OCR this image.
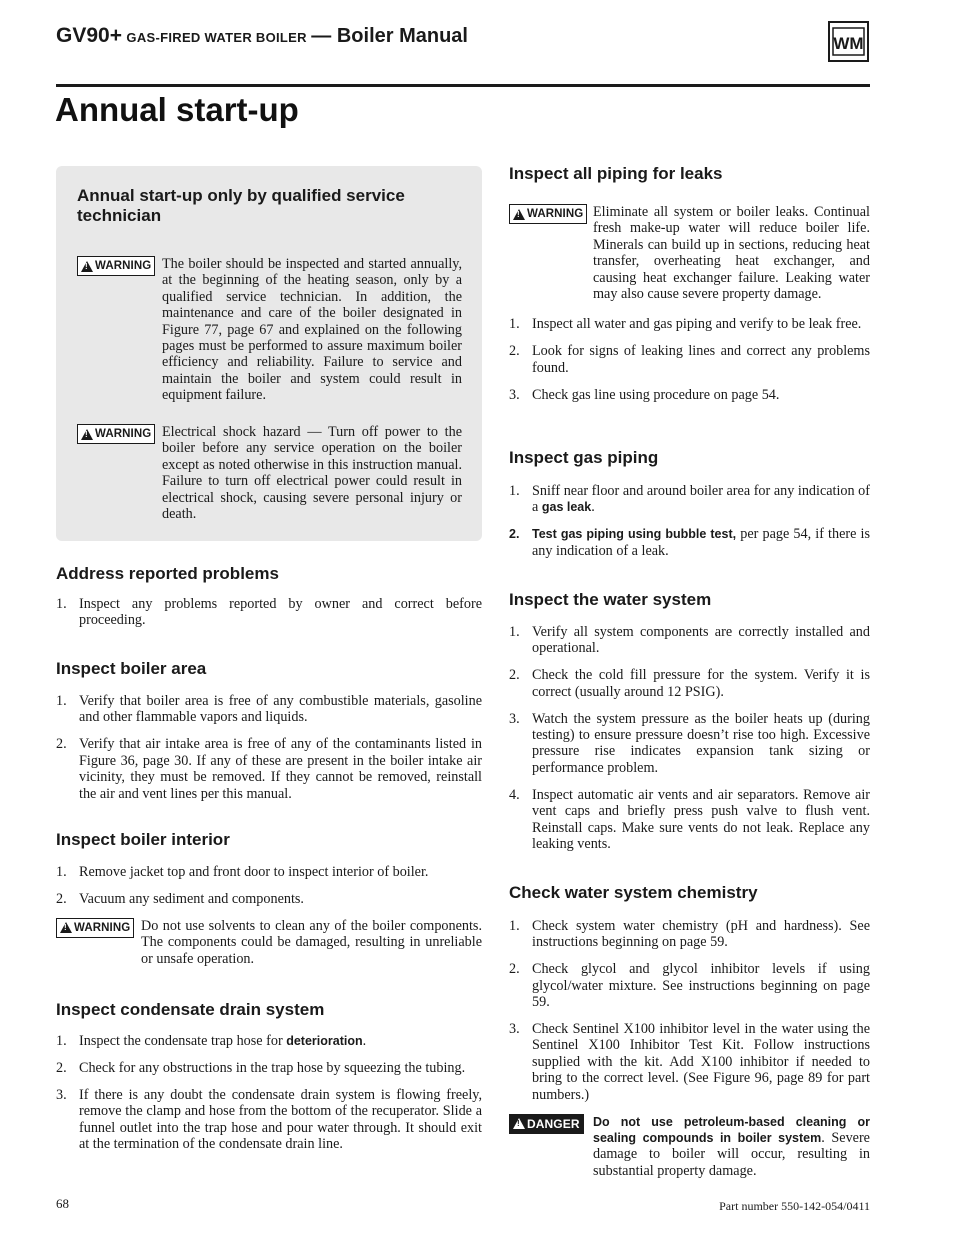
GV90+ GAS-FIRED WATER BOILER — Boiler Manual	WM
Annual start-up
Annual start-up only by qualified service technician
!
WARNING The boiler should be inspected and started annually, at the beginning of the heating season, only by a qualified service technician. In addition, the maintenance and care of the boiler designated in Figure 77, page 67 and explained on the following pages must be performed to assure maximum boiler efficiency and reliability. Failure to service and maintain the boiler and system could result in equipment failure.

!
WARNING Electrical shock hazard — Turn off power to the boiler before any service operation on the boiler except as noted otherwise in this instruction manual. Failure to turn off electrical power could result in electrical shock, causing severe personal injury or death.

Address reported problems
1. Inspect any problems reported by owner and correct before proceeding.
Inspect boiler area
1. Verify that boiler area is free of any combustible materials, gasoline and other flammable vapors and liquids.
2. Verify that air intake area is free of any of the contaminants listed in Figure 36, page 30. If any of these are present in the boiler intake air vicinity, they must be removed. If they cannot be removed, reinstall the air and vent lines per this manual.
Inspect boiler interior
1. Remove jacket top and front door to inspect interior of boiler.
2. Vacuum any sediment and components.
!
WARNING Do not use solvents to clean any of the boiler components. The components could be damaged, resulting in unreliable or unsafe operation.

Inspect condensate drain system
1. Inspect the condensate trap hose for deterioration.
2. Check for any obstructions in the trap hose by squeezing the tubing.
3. If there is any doubt the condensate drain system is flowing freely, remove the clamp and hose from the bottom of the recuperator. Slide a funnel outlet into the trap hose and pour water through. It should exit at the termination of the condensate drain line.
Inspect all piping for leaks
!
WARNING Eliminate all system or boiler leaks. Continual fresh make-up water will reduce boiler life. Minerals can build up in sections, reducing heat transfer, overheating heat exchanger, and causing heat exchanger failure. Leaking water may also cause severe property damage.

1. Inspect all water and gas piping and verify to be leak free.
2. Look for signs of leaking lines and correct any problems found.
3. Check gas line using procedure on page 54.
Inspect gas piping
1. Sniff near floor and around boiler area for any indication of a gas leak.
2. Test gas piping using bubble test, per page 54, if there is any indication of a leak.
Inspect the water system
1. Verify all system components are correctly installed and operational.
2. Check the cold fill pressure for the system. Verify it is correct (usually around 12 PSIG).
3. Watch the system pressure as the boiler heats up (during testing) to ensure pressure doesn’t rise too high. Excessive pressure rise indicates expansion tank sizing or performance problem.
4. Inspect automatic air vents and air separators. Remove air vent caps and briefly press push valve to flush vent. Reinstall caps. Make sure vents do not leak. Replace any leaking vents.
Check water system chemistry
1. Check system water chemistry (pH and hardness). See instructions beginning on page 59.
2. Check glycol and glycol inhibitor levels if using glycol/water mixture. See instructions beginning on page 59.
3. Check Sentinel X100 inhibitor level in the water using the Sentinel X100 Inhibitor Test Kit. Follow instructions supplied with the kit. Add X100 inhibitor if needed to bring to the correct level. (See Figure 96, page 89 for part numbers.)
!
DANGER Do not use petroleum-based cleaning or sealing compounds in boiler system. Severe damage to boiler will occur, resulting in substantial property damage.

68	Part number 550-142-054/0411
